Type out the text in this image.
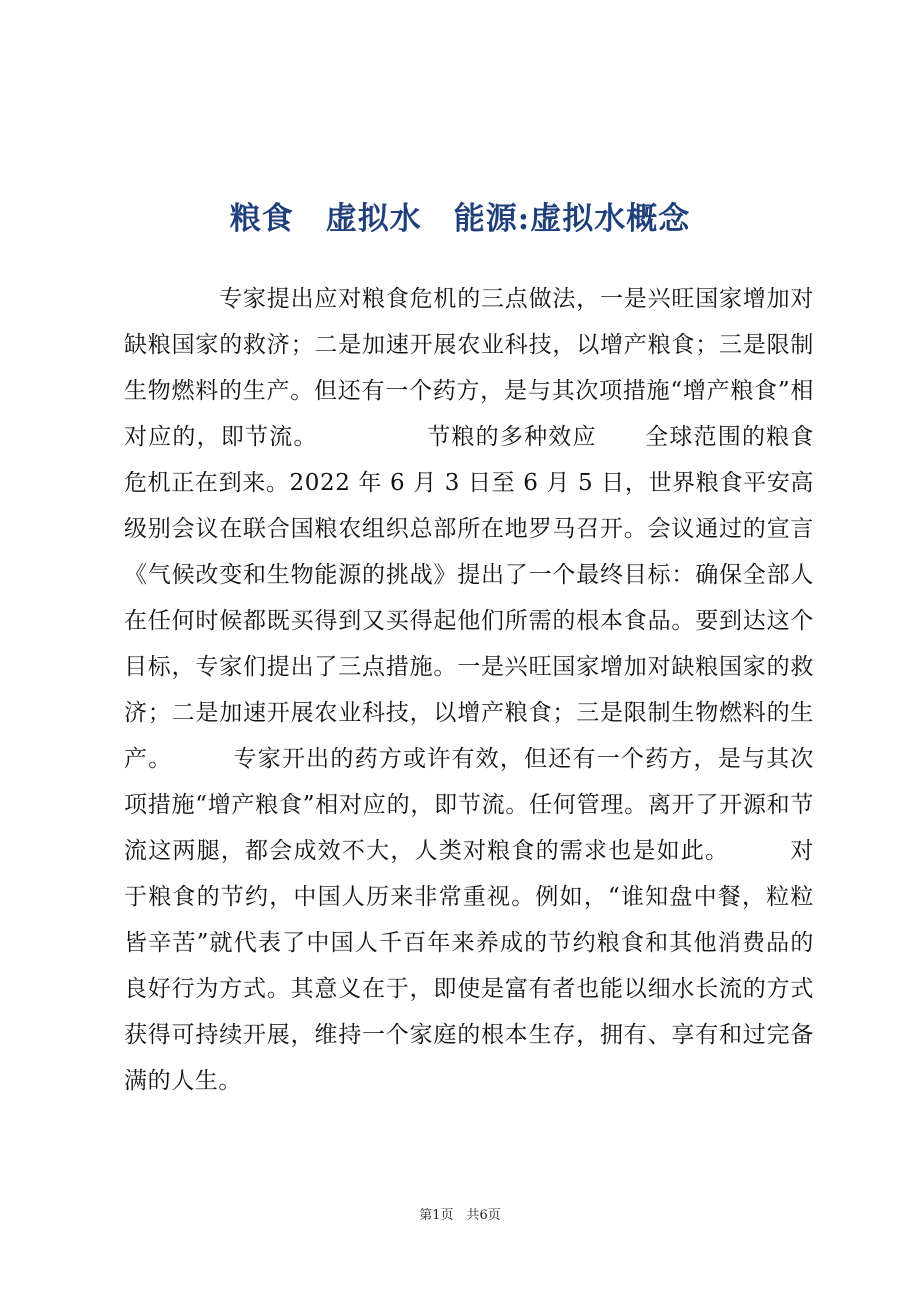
粮食　虚拟水　能源:虚拟水概念
　　　　专家提出应对粮食危机的三点做法，一是兴旺国家增加对缺粮国家的救济；二是加速开展农业科技，以增产粮食；三是限制生物燃料的生产。但还有一个药方，是与其次项措施“增产粮食”相对应的，即节流。　　　　　节粮的多种效应　　全球范围的粮食危机正在到来。2022 年 6 月 3 日至 6 月 5 日，世界粮食平安高级别会议在联合国粮农组织总部所在地罗马召开。会议通过的宣言《气候改变和生物能源的挑战》提出了一个最终目标：确保全部人在任何时候都既买得到又买得起他们所需的根本食品。要到达这个目标，专家们提出了三点措施。一是兴旺国家增加对缺粮国家的救济；二是加速开展农业科技，以增产粮食；三是限制生物燃料的生产。　　　专家开出的药方或许有效，但还有一个药方，是与其次项措施“增产粮食”相对应的，即节流。任何管理。离开了开源和节流这两腿，都会成效不大，人类对粮食的需求也是如此。　　　对于粮食的节约，中国人历来非常重视。例如，“谁知盘中餐，粒粒皆辛苦”就代表了中国人千百年来养成的节约粮食和其他消费品的良好行为方式。其意义在于，即使是富有者也能以细水长流的方式获得可持续开展，维持一个家庭的根本生存，拥有、享有和过完备满的人生。
第1页　共6页
